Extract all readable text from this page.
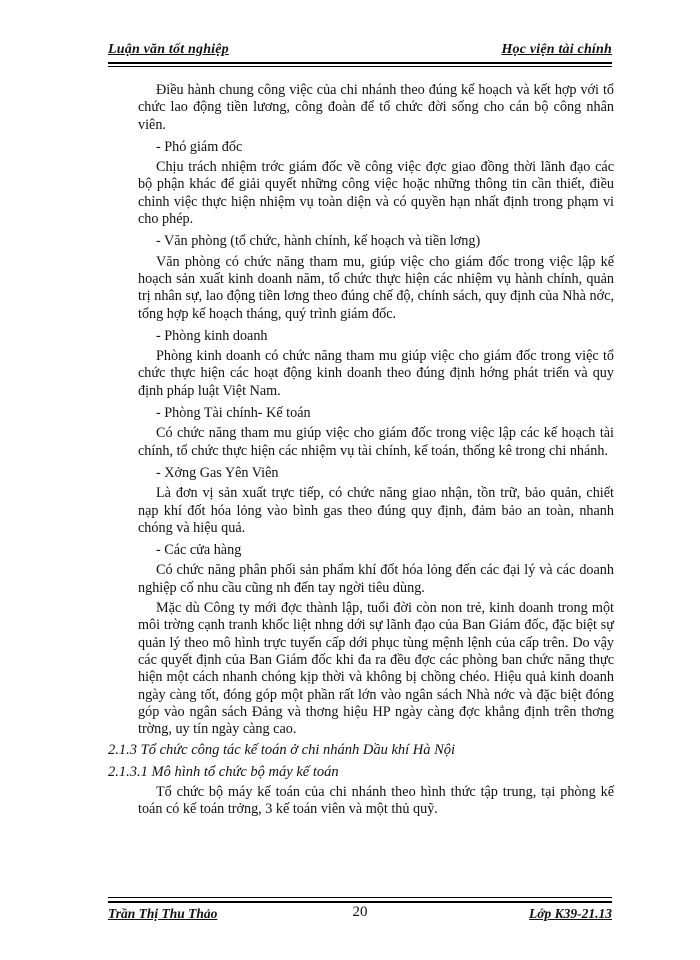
Luận văn tốt nghiệp	Học viện tài chính

Điều hành chung công việc của chi nhánh theo đúng kế hoạch và kết hợp với tổ chức lao động tiền lương, công đoàn để tổ chức đời sống cho cán bộ công nhân viên.

- Phó giám đốc

Chịu trách nhiệm trớc giám đốc về công việc đợc giao đồng thời lãnh đạo các bộ phận khác để giải quyết những công việc hoặc những thông tin cần thiết, điều chỉnh việc thực hiện nhiệm vụ toàn diện và có quyền hạn nhất định trong phạm vi cho phép.

- Văn phòng (tổ chức, hành chính, kế hoạch và tiền lơng)

Văn phòng có chức năng tham mu, giúp việc cho giám đốc trong việc lập kế hoạch sản xuất kinh doanh năm, tổ chức thực hiện các nhiệm vụ hành chính, quản trị nhân sự, lao động tiền lơng theo đúng chế độ, chính sách, quy định của Nhà nớc, tổng hợp kế hoạch tháng, quý trình giám đốc.

- Phòng kinh doanh

Phòng kinh doanh có chức năng tham mu giúp việc cho giám đốc trong việc tổ chức thực hiện các hoạt động kinh doanh theo đúng định hớng phát triển và quy định pháp luật Việt Nam.

- Phòng Tài chính- Kế toán

Có chức năng tham mu giúp việc cho giám đốc trong việc lập các kế hoạch tài chính, tổ chức thực hiện các nhiệm vụ tài chính, kế toán, thống kê trong chi nhánh.

- Xởng Gas Yên Viên

Là đơn vị sản xuất trực tiếp, có chức năng giao nhận, tồn trữ, bảo quản, chiết nạp khí đốt hóa lỏng vào bình gas theo đúng quy định, đảm bảo an toàn, nhanh chóng và hiệu quả.

- Các cửa hàng

Có chức năng phân phối sản phẩm khí đốt hóa lỏng đến các đại lý và các doanh nghiệp cố nhu cầu cũng nh đến tay ngời tiêu dùng.

Mặc dù Công ty mới đợc thành lập, tuổi đời còn non trẻ, kinh doanh trong một môi trờng cạnh tranh khốc liệt nhng dới sự lãnh đạo của Ban Giám đốc, đặc biệt sự quản lý theo mô hình trực tuyến cấp dới phục tùng mệnh lệnh của cấp trên. Do vậy các quyết định của Ban Giám đốc khi đa ra đều đợc các phòng ban chức năng thực hiện một cách nhanh chóng kịp thời và không bị chồng chéo. Hiệu quả kinh doanh ngày càng tốt, đóng góp một phần rất lớn vào ngân sách Nhà nớc và đặc biệt đóng góp vào ngân sách Đảng và thơng hiệu HP ngày càng đợc khẳng định trên thơng trờng, uy tín ngày càng cao.

2.1.3 Tổ chức công tác kế toán ở chi nhánh Dầu khí Hà Nội

2.1.3.1 Mô hình tổ chức bộ máy kế toán

Tổ chức bộ máy kế toán của chi nhánh theo hình thức tập trung, tại phòng kế toán có kế toán trởng, 3 kế toán viên và một thủ quỹ.

Trần Thị Thu Thảo	20	Lớp K39-21.13
